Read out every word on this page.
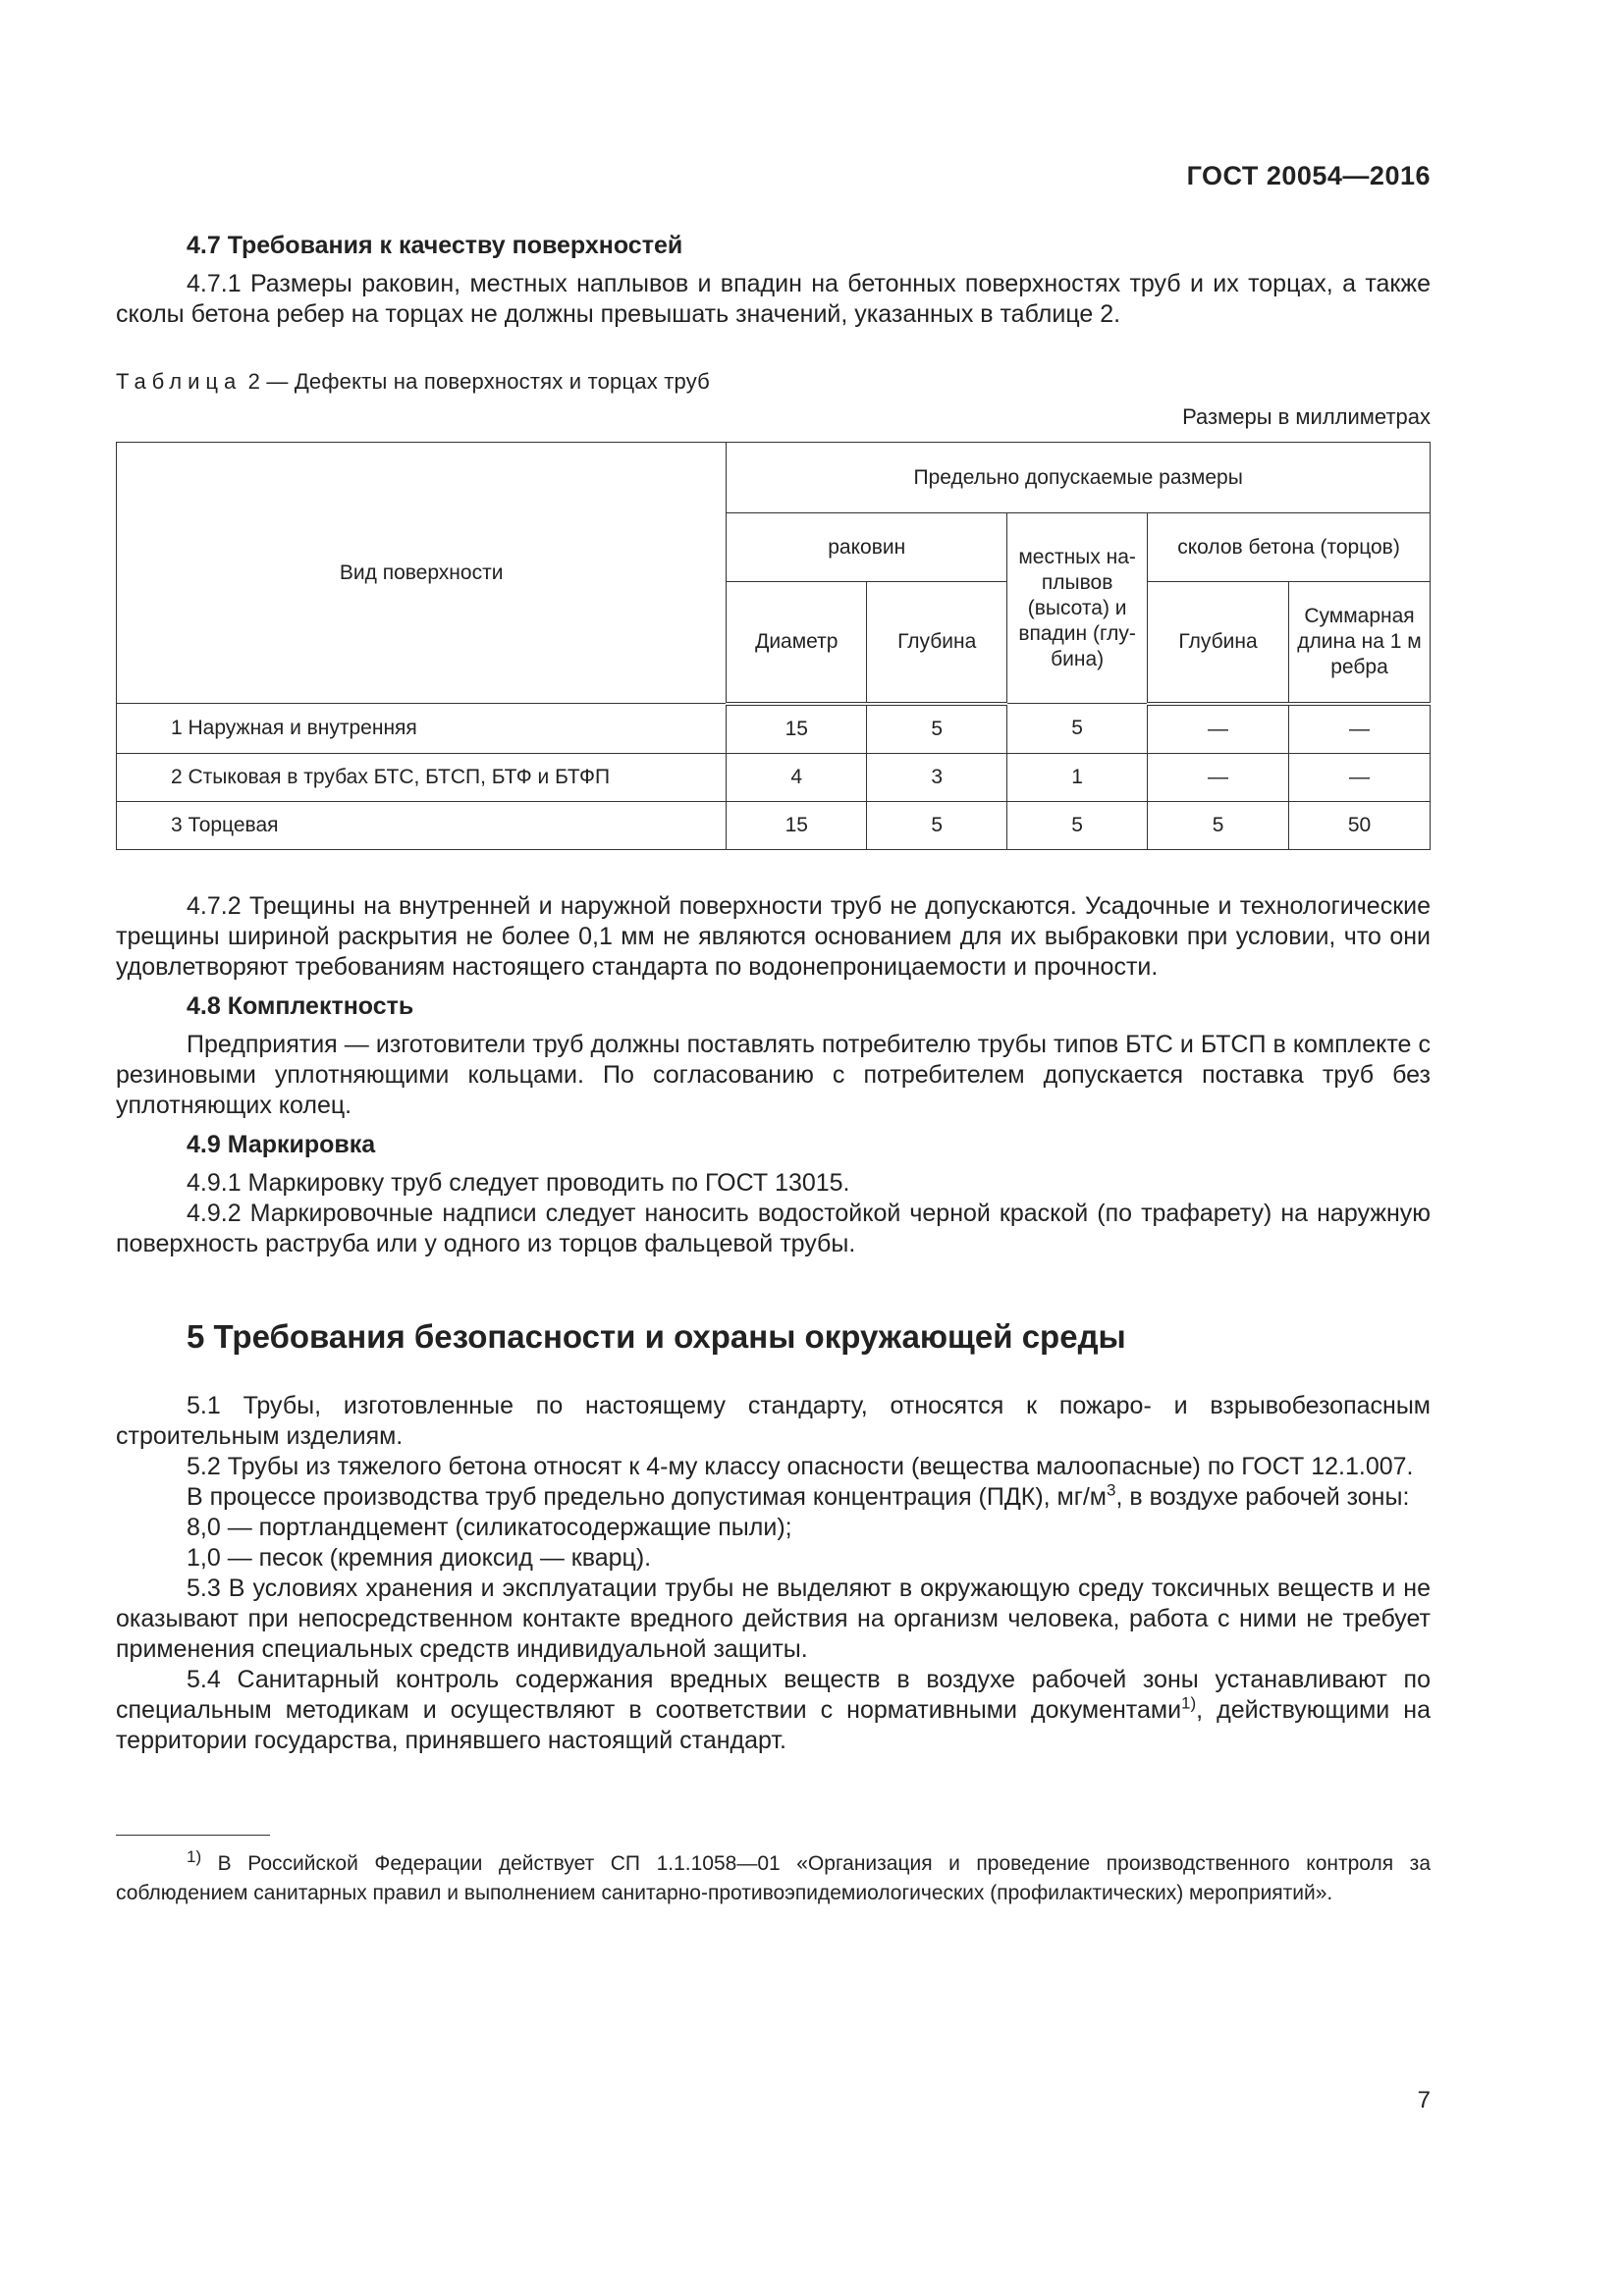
ГОСТ 20054—2016
4.7 Требования к качеству поверхностей

4.7.1 Размеры раковин, местных наплывов и впадин на бетонных поверхностях труб и их торцах, а также сколы бетона ребер на торцах не должны превышать значений, указанных в таблице 2.

Таблица 2 — Дефекты на поверхностях и торцах труб
Размеры в миллиметрах
Вид поверхности	Предельно допускаемые размеры				
	раковин		местных на-плывов (высота) и впадин (глу-бина)	сколов бетона (торцов)	
	Диаметр	Глубина		Глубина	Суммарная длина на 1 м ребра
1 Наружная и внутренняя	15	5	5	—	—
2 Стыковая в трубах БТС, БТСП, БТФ и БТФП	4	3	1	—	—
3 Торцевая	15	5	5	5	50

4.7.2 Трещины на внутренней и наружной поверхности труб не допускаются. Усадочные и технологические трещины шириной раскрытия не более 0,1 мм не являются основанием для их выбраковки при условии, что они удовлетворяют требованиям настоящего стандарта по водонепроницаемости и прочности.

4.8 Комплектность

Предприятия — изготовители труб должны поставлять потребителю трубы типов БТС и БТСП в комплекте с резиновыми уплотняющими кольцами. По согласованию с потребителем допускается поставка труб без уплотняющих колец.

4.9 Маркировка

4.9.1 Маркировку труб следует проводить по ГОСТ 13015.

4.9.2 Маркировочные надписи следует наносить водостойкой черной краской (по трафарету) на наружную поверхность раструба или у одного из торцов фальцевой трубы.

5 Требования безопасности и охраны окружающей среды

5.1 Трубы, изготовленные по настоящему стандарту, относятся к пожаро- и взрывобезопасным строительным изделиям.

5.2 Трубы из тяжелого бетона относят к 4-му классу опасности (вещества малоопасные) по ГОСТ 12.1.007.

В процессе производства труб предельно допустимая концентрация (ПДК), $мг/м^3$, в воздухе рабочей зоны:

8,0 — портландцемент (силикатосодержащие пыли);

1,0 — песок (кремния диоксид — кварц).

5.3 В условиях хранения и эксплуатации трубы не выделяют в окружающую среду токсичных веществ и не оказывают при непосредственном контакте вредного действия на организм человека, работа с ними не требует применения специальных средств индивидуальной защиты.

5.4 Санитарный контроль содержания вредных веществ в воздухе рабочей зоны устанавливают по специальным методикам и осуществляют в соответствии с нормативными документами$^{1)}$, действующими на территории государства, принявшего настоящий стандарт.

$^{1)}$ В Российской Федерации действует СП 1.1.1058—01 «Организация и проведение производственного контроля за соблюдением санитарных правил и выполнением санитарно-противоэпидемиологических (профилактических) мероприятий».
7
